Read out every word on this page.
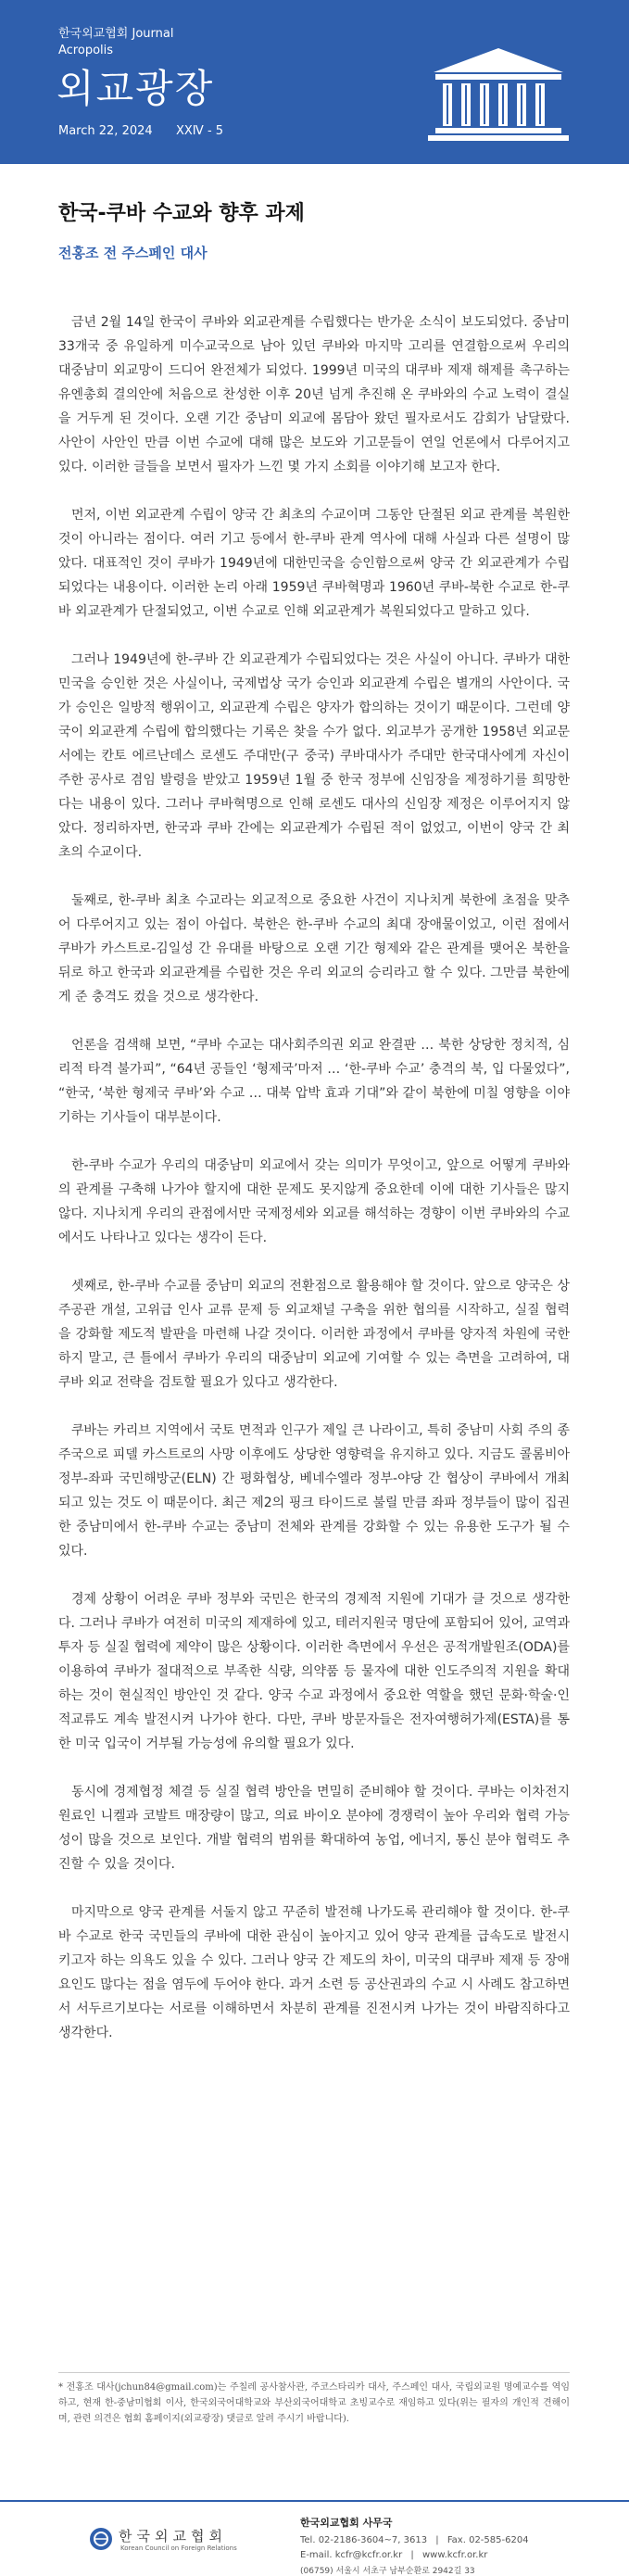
한국외교협회 Journal
Acropolis
외교광장
March 22, 2024 ⅩⅩⅣ - 5
한국-쿠바 수교와 향후 과제
전홍조 전 주스페인 대사

금년 2월 14일 한국이 쿠바와 외교관계를 수립했다는 반가운 소식이 보도되었다. 중남미 33개국 중 유일하게 미수교국으로 남아 있던 쿠바와 마지막 고리를 연결함으로써 우리의 대중남미 외교망이 드디어 완전체가 되었다. 1999년 미국의 대쿠바 제재 해제를 촉구하는 유엔총회 결의안에 처음으로 찬성한 이후 20년 넘게 추진해 온 쿠바와의 수교 노력이 결실을 거두게 된 것이다. 오랜 기간 중남미 외교에 몸담아 왔던 필자로서도 감회가 남달랐다. 사안이 사안인 만큼 이번 수교에 대해 많은 보도와 기고문들이 연일 언론에서 다루어지고 있다. 이러한 글들을 보면서 필자가 느낀 몇 가지 소회를 이야기해 보고자 한다.

먼저, 이번 외교관계 수립이 양국 간 최초의 수교이며 그동안 단절된 외교 관계를 복원한 것이 아니라는 점이다. 여러 기고 등에서 한-쿠바 관계 역사에 대해 사실과 다른 설명이 많았다. 대표적인 것이 쿠바가 1949년에 대한민국을 승인함으로써 양국 간 외교관계가 수립되었다는 내용이다. 이러한 논리 아래 1959년 쿠바혁명과 1960년 쿠바-북한 수교로 한-쿠바 외교관계가 단절되었고, 이번 수교로 인해 외교관계가 복원되었다고 말하고 있다.

그러나 1949년에 한-쿠바 간 외교관계가 수립되었다는 것은 사실이 아니다. 쿠바가 대한민국을 승인한 것은 사실이나, 국제법상 국가 승인과 외교관계 수립은 별개의 사안이다. 국가 승인은 일방적 행위이고, 외교관계 수립은 양자가 합의하는 것이기 때문이다. 그런데 양국이 외교관계 수립에 합의했다는 기록은 찾을 수가 없다. 외교부가 공개한 1958년 외교문서에는 칸토 에르난데스 로센도 주대만(구 중국) 쿠바대사가 주대만 한국대사에게 자신이 주한 공사로 겸임 발령을 받았고 1959년 1월 중 한국 정부에 신임장을 제정하기를 희망한다는 내용이 있다. 그러나 쿠바혁명으로 인해 로센도 대사의 신임장 제정은 이루어지지 않았다. 정리하자면, 한국과 쿠바 간에는 외교관계가 수립된 적이 없었고, 이번이 양국 간 최초의 수교이다.

둘째로, 한-쿠바 최초 수교라는 외교적으로 중요한 사건이 지나치게 북한에 초점을 맞추어 다루어지고 있는 점이 아쉽다. 북한은 한-쿠바 수교의 최대 장애물이었고, 이런 점에서 쿠바가 카스트로-김일성 간 유대를 바탕으로 오랜 기간 형제와 같은 관계를 맺어온 북한을 뒤로 하고 한국과 외교관계를 수립한 것은 우리 외교의 승리라고 할 수 있다. 그만큼 북한에게 준 충격도 컸을 것으로 생각한다.

언론을 검색해 보면, “쿠바 수교는 대사회주의권 외교 완결판 … 북한 상당한 정치적, 심리적 타격 불가피”, “64년 공들인 ‘형제국’마저 … ‘한-쿠바 수교’ 충격의 북, 입 다물었다”, “한국, ‘북한 형제국 쿠바’와 수교 … 대북 압박 효과 기대”와 같이 북한에 미칠 영향을 이야기하는 기사들이 대부분이다.

한-쿠바 수교가 우리의 대중남미 외교에서 갖는 의미가 무엇이고, 앞으로 어떻게 쿠바와의 관계를 구축해 나가야 할지에 대한 문제도 못지않게 중요한데 이에 대한 기사들은 많지 않다. 지나치게 우리의 관점에서만 국제정세와 외교를 해석하는 경향이 이번 쿠바와의 수교에서도 나타나고 있다는 생각이 든다.

셋째로, 한-쿠바 수교를 중남미 외교의 전환점으로 활용해야 할 것이다. 앞으로 양국은 상주공관 개설, 고위급 인사 교류 문제 등 외교채널 구축을 위한 협의를 시작하고, 실질 협력을 강화할 제도적 발판을 마련해 나갈 것이다. 이러한 과정에서 쿠바를 양자적 차원에 국한하지 말고, 큰 틀에서 쿠바가 우리의 대중남미 외교에 기여할 수 있는 측면을 고려하여, 대쿠바 외교 전략을 검토할 필요가 있다고 생각한다.

쿠바는 카리브 지역에서 국토 면적과 인구가 제일 큰 나라이고, 특히 중남미 사회 주의 종주국으로 피델 카스트로의 사망 이후에도 상당한 영향력을 유지하고 있다. 지금도 콜롬비아 정부-좌파 국민해방군(ELN) 간 평화협상, 베네수엘라 정부-야당 간 협상이 쿠바에서 개최되고 있는 것도 이 때문이다. 최근 제2의 핑크 타이드로 불릴 만큼 좌파 정부들이 많이 집권한 중남미에서 한-쿠바 수교는 중남미 전체와 관계를 강화할 수 있는 유용한 도구가 될 수 있다.

경제 상황이 어려운 쿠바 정부와 국민은 한국의 경제적 지원에 기대가 클 것으로 생각한다. 그러나 쿠바가 여전히 미국의 제재하에 있고, 테러지원국 명단에 포함되어 있어, 교역과 투자 등 실질 협력에 제약이 많은 상황이다. 이러한 측면에서 우선은 공적개발원조(ODA)를 이용하여 쿠바가 절대적으로 부족한 식량, 의약품 등 물자에 대한 인도주의적 지원을 확대하는 것이 현실적인 방안인 것 같다. 양국 수교 과정에서 중요한 역할을 했던 문화·학술·인적교류도 계속 발전시켜 나가야 한다. 다만, 쿠바 방문자들은 전자여행허가제(ESTA)를 통한 미국 입국이 거부될 가능성에 유의할 필요가 있다.

동시에 경제협정 체결 등 실질 협력 방안을 면밀히 준비해야 할 것이다. 쿠바는 이차전지 원료인 니켈과 코발트 매장량이 많고, 의료 바이오 분야에 경쟁력이 높아 우리와 협력 가능성이 많을 것으로 보인다. 개발 협력의 범위를 확대하여 농업, 에너지, 통신 분야 협력도 추진할 수 있을 것이다.

마지막으로 양국 관계를 서둘지 않고 꾸준히 발전해 나가도록 관리해야 할 것이다. 한-쿠바 수교로 한국 국민들의 쿠바에 대한 관심이 높아지고 있어 양국 관계를 급속도로 발전시키고자 하는 의욕도 있을 수 있다. 그러나 양국 간 제도의 차이, 미국의 대쿠바 제재 등 장애 요인도 많다는 점을 염두에 두어야 한다. 과거 소련 등 공산권과의 수교 시 사례도 참고하면서 서두르기보다는 서로를 이해하면서 차분히 관계를 진전시켜 나가는 것이 바람직하다고 생각한다.

* 전홍조 대사(jchun84@gmail.com)는 주칠레 공사참사관, 주코스타리카 대사, 주스페인 대사, 국립외교원 명예교수를 역임하고, 현재 한-중남미협회 이사, 한국외국어대학교와 부산외국어대학교 초빙교수로 재임하고 있다(위는 필자의 개인적 견해이며, 관련 의견은 협회 홈페이지(외교광장) 댓글로 알려 주시기 바랍니다).
한국외교협회
Korean Council on Foreign Relations
한국외교협회 사무국
Tel. 02-2186-3604~7, 3613 | Fax. 02-585-6204
E-mail. kcfr@kcfr.or.kr | www.kcfr.or.kr
(06759) 서울시 서초구 남부순환로 2942길 33
